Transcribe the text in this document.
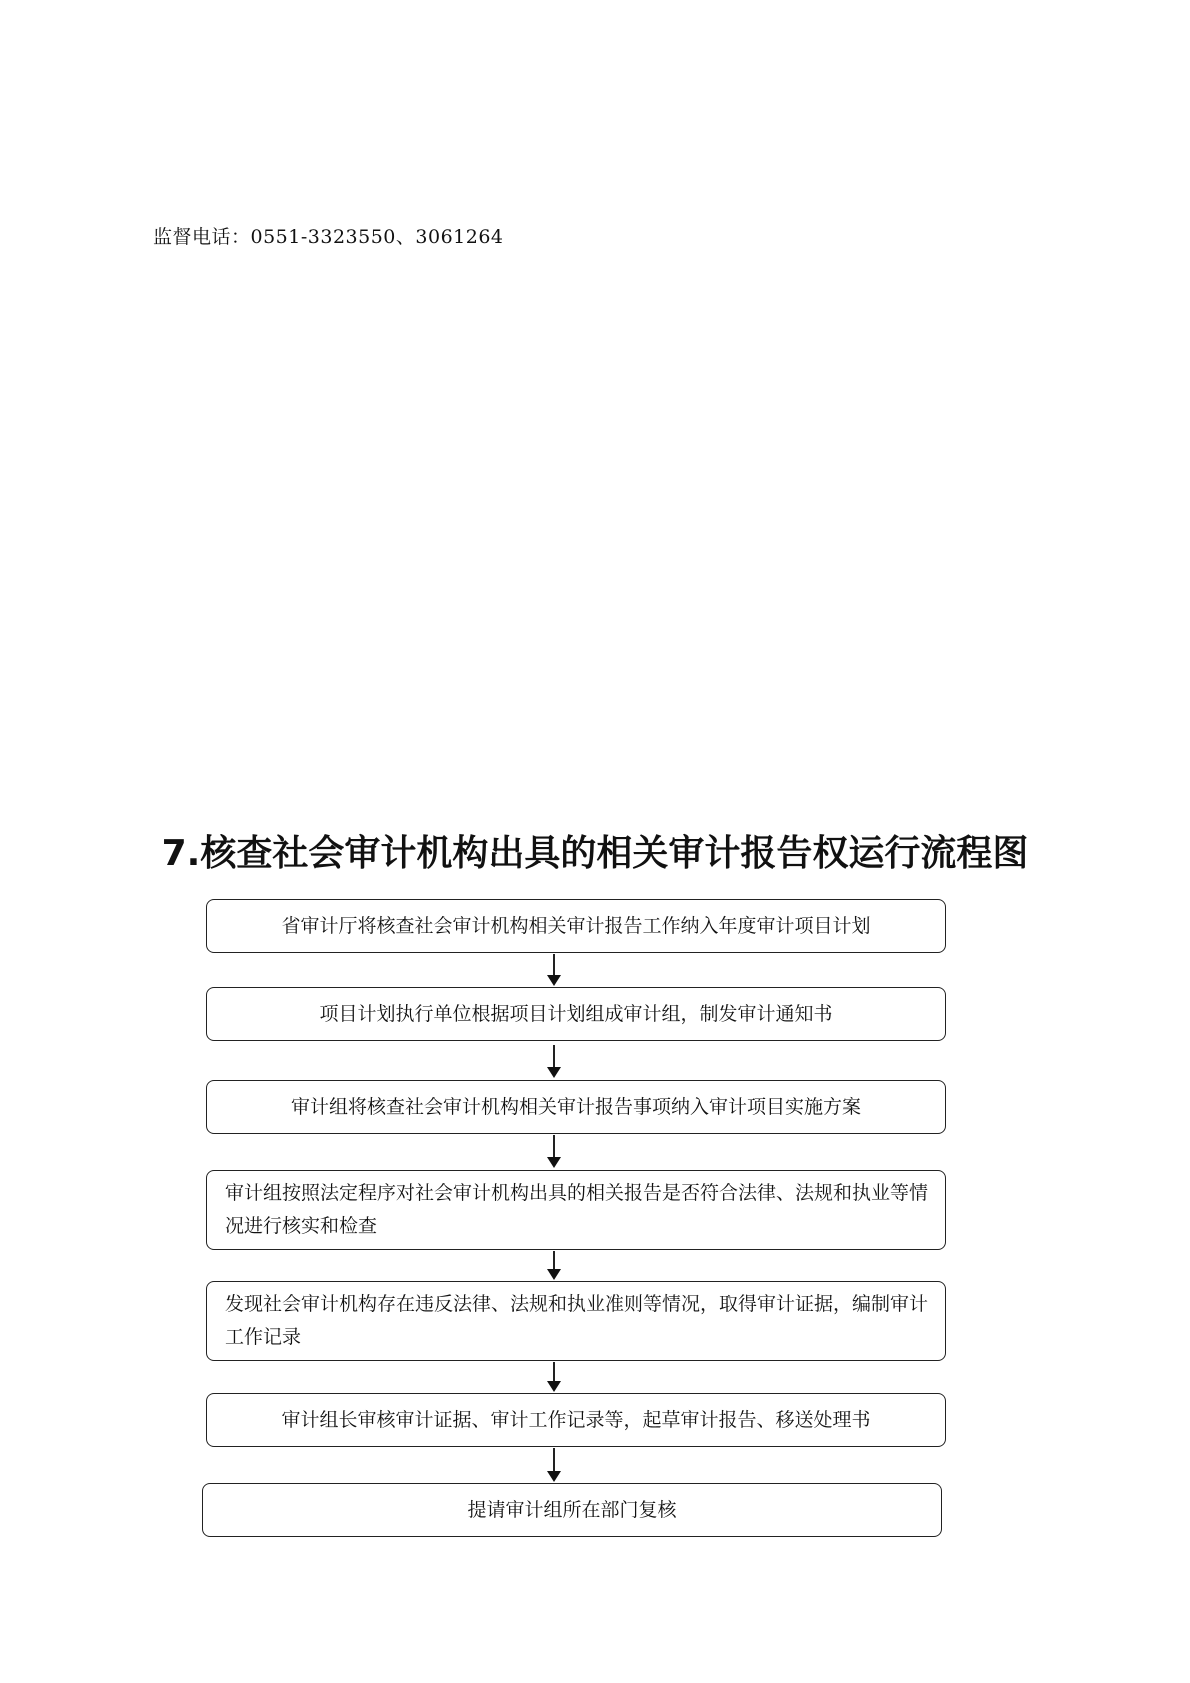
监督电话：0551-3323550、3061264
7.核查社会审计机构出具的相关审计报告权运行流程图
省审计厅将核查社会审计机构相关审计报告工作纳入年度审计项目计划
项目计划执行单位根据项目计划组成审计组，制发审计通知书
审计组将核查社会审计机构相关审计报告事项纳入审计项目实施方案
审计组按照法定程序对社会审计机构出具的相关报告是否符合法律、法规和执业等情况进行核实和检查
发现社会审计机构存在违反法律、法规和执业准则等情况，取得审计证据，编制审计工作记录
审计组长审核审计证据、审计工作记录等，起草审计报告、移送处理书
提请审计组所在部门复核
